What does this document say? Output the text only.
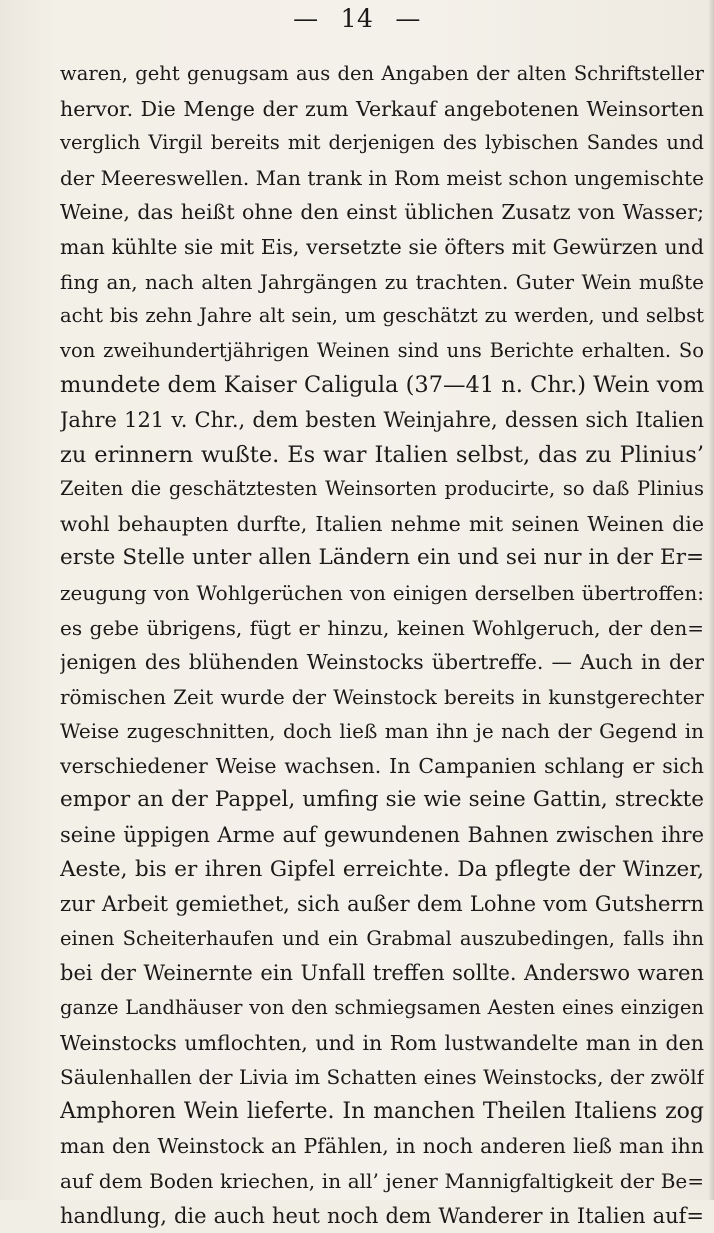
— 14 —
waren, geht genugsam aus den Angaben der alten Schriftsteller
hervor. Die Menge der zum Verkauf angebotenen Weinsorten
verglich Virgil bereits mit derjenigen des lybischen Sandes und
der Meereswellen. Man trank in Rom meist schon ungemischte
Weine, das heißt ohne den einst üblichen Zusatz von Wasser;
man kühlte sie mit Eis, versetzte sie öfters mit Gewürzen und
fing an, nach alten Jahrgängen zu trachten. Guter Wein mußte
acht bis zehn Jahre alt sein, um geschätzt zu werden, und selbst
von zweihundertjährigen Weinen sind uns Berichte erhalten. So
mundete dem Kaiser Caligula (37—41 n. Chr.) Wein vom
Jahre 121 v. Chr., dem besten Weinjahre, dessen sich Italien
zu erinnern wußte. Es war Italien selbst, das zu Plinius’
Zeiten die geschätztesten Weinsorten producirte, so daß Plinius
wohl behaupten durfte, Italien nehme mit seinen Weinen die
erste Stelle unter allen Ländern ein und sei nur in der Er=
zeugung von Wohlgerüchen von einigen derselben übertroffen:
es gebe übrigens, fügt er hinzu, keinen Wohlgeruch, der den=
jenigen des blühenden Weinstocks übertreffe. — Auch in der
römischen Zeit wurde der Weinstock bereits in kunstgerechter
Weise zugeschnitten, doch ließ man ihn je nach der Gegend in
verschiedener Weise wachsen. In Campanien schlang er sich
empor an der Pappel, umfing sie wie seine Gattin, streckte
seine üppigen Arme auf gewundenen Bahnen zwischen ihre
Aeste, bis er ihren Gipfel erreichte. Da pflegte der Winzer,
zur Arbeit gemiethet, sich außer dem Lohne vom Gutsherrn
einen Scheiterhaufen und ein Grabmal auszubedingen, falls ihn
bei der Weinernte ein Unfall treffen sollte. Anderswo waren
ganze Landhäuser von den schmiegsamen Aesten eines einzigen
Weinstocks umflochten, und in Rom lustwandelte man in den
Säulenhallen der Livia im Schatten eines Weinstocks, der zwölf
Amphoren Wein lieferte. In manchen Theilen Italiens zog
man den Weinstock an Pfählen, in noch anderen ließ man ihn
auf dem Boden kriechen, in all’ jener Mannigfaltigkeit der Be=
handlung, die auch heut noch dem Wanderer in Italien auf=
